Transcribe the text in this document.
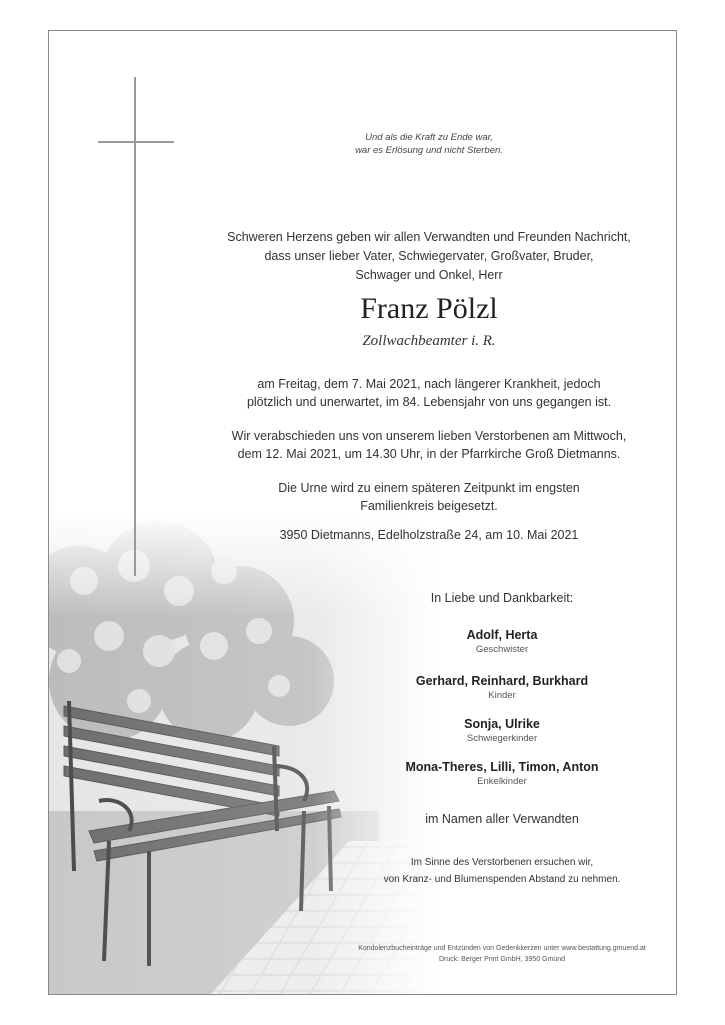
Und als die Kraft zu Ende war,
war es Erlösung und nicht Sterben.
Schweren Herzens geben wir allen Verwandten und Freunden Nachricht,
dass unser lieber Vater, Schwiegervater, Großvater, Bruder,
Schwager und Onkel, Herr
Franz Pölzl
Zollwachbeamter i. R.
am Freitag, dem 7. Mai 2021, nach längerer Krankheit, jedoch
plötzlich und unerwartet, im 84. Lebensjahr von uns gegangen ist.
Wir verabschieden uns von unserem lieben Verstorbenen am Mittwoch,
dem 12. Mai 2021, um 14.30 Uhr, in der Pfarrkirche Groß Dietmanns.
Die Urne wird zu einem späteren Zeitpunkt im engsten
Familienkreis beigesetzt.
3950 Dietmanns, Edelholzstraße 24, am 10. Mai 2021
In Liebe und Dankbarkeit:
Adolf, Herta
Geschwister
Gerhard, Reinhard, Burkhard
Kinder
Sonja, Ulrike
Schwiegerkinder
Mona-Theres, Lilli, Timon, Anton
Enkelkinder
im Namen aller Verwandten
Im Sinne des Verstorbenen ersuchen wir,
von Kranz- und Blumenspenden Abstand zu nehmen.
Kondolenzbucheinträge und Entzünden von Gedenkkerzen unter www.bestattung.gmuend.at
Druck: Berger Print GmbH, 3950 Gmünd
